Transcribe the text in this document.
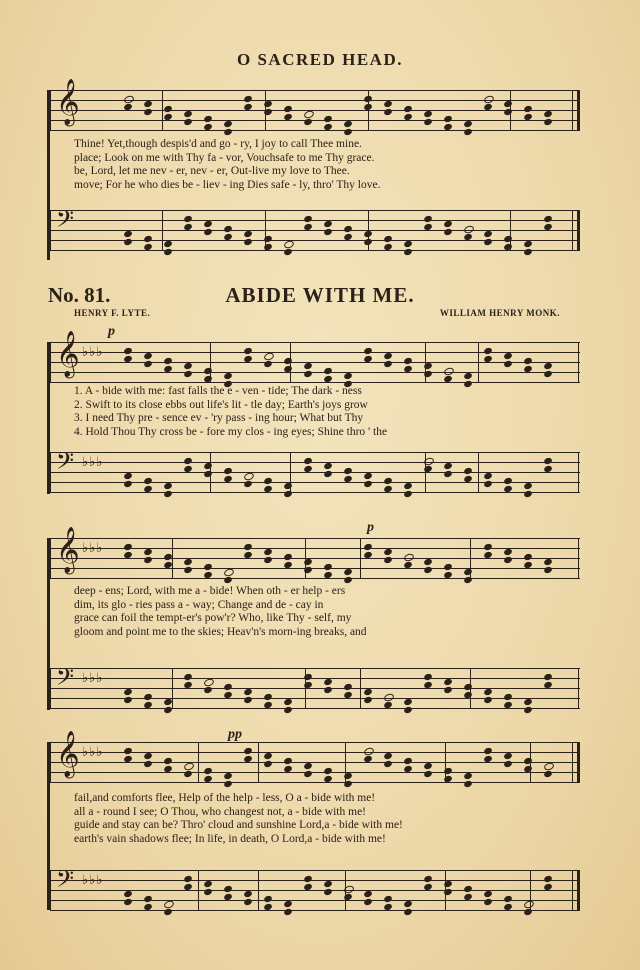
O SACRED HEAD.
𝄞
Thine! Yet,though despis'd and go - ry, I joy to call Thee mine.
place; Look on me with Thy fa - vor, Vouchsafe to me Thy grace.
be, Lord, let me nev - er, nev - er, Out-live my love to Thee.
move; For he who dies be - liev - ing Dies safe - ly, thro' Thy love.
𝄢
No. 81.	ABIDE WITH ME.
HENRY F. LYTE.	WILLIAM HENRY MONK.
p
𝄞 ♭♭♭
1. A - bide with me: fast falls the e - ven - tide; The dark - ness
2. Swift to its close ebbs out life's lit - tle day; Earth's joys grow
3. I need Thy pre - sence ev - 'ry pass - ing hour; What but Thy
4. Hold Thou Thy cross be - fore my clos - ing eyes; Shine thro ' the
𝄢 ♭♭♭
p
𝄞 ♭♭♭
deep - ens; Lord, with me a - bide! When oth - er help - ers
dim, its glo - ries pass a - way; Change and de - cay in
grace can foil the tempt-er's pow'r? Who, like Thy - self, my
gloom and point me to the skies; Heav'n's morn-ing breaks, and
𝄢 ♭♭♭
pp
𝄞 ♭♭♭
fail,and comforts flee, Help of the help - less, O a - bide with me!
all a - round I see; O Thou, who changest not, a - bide with me!
guide and stay can be? Thro' cloud and sunshine Lord,a - bide with me!
earth's vain shadows flee; In life, in death, O Lord,a - bide with me!
𝄢 ♭♭♭
